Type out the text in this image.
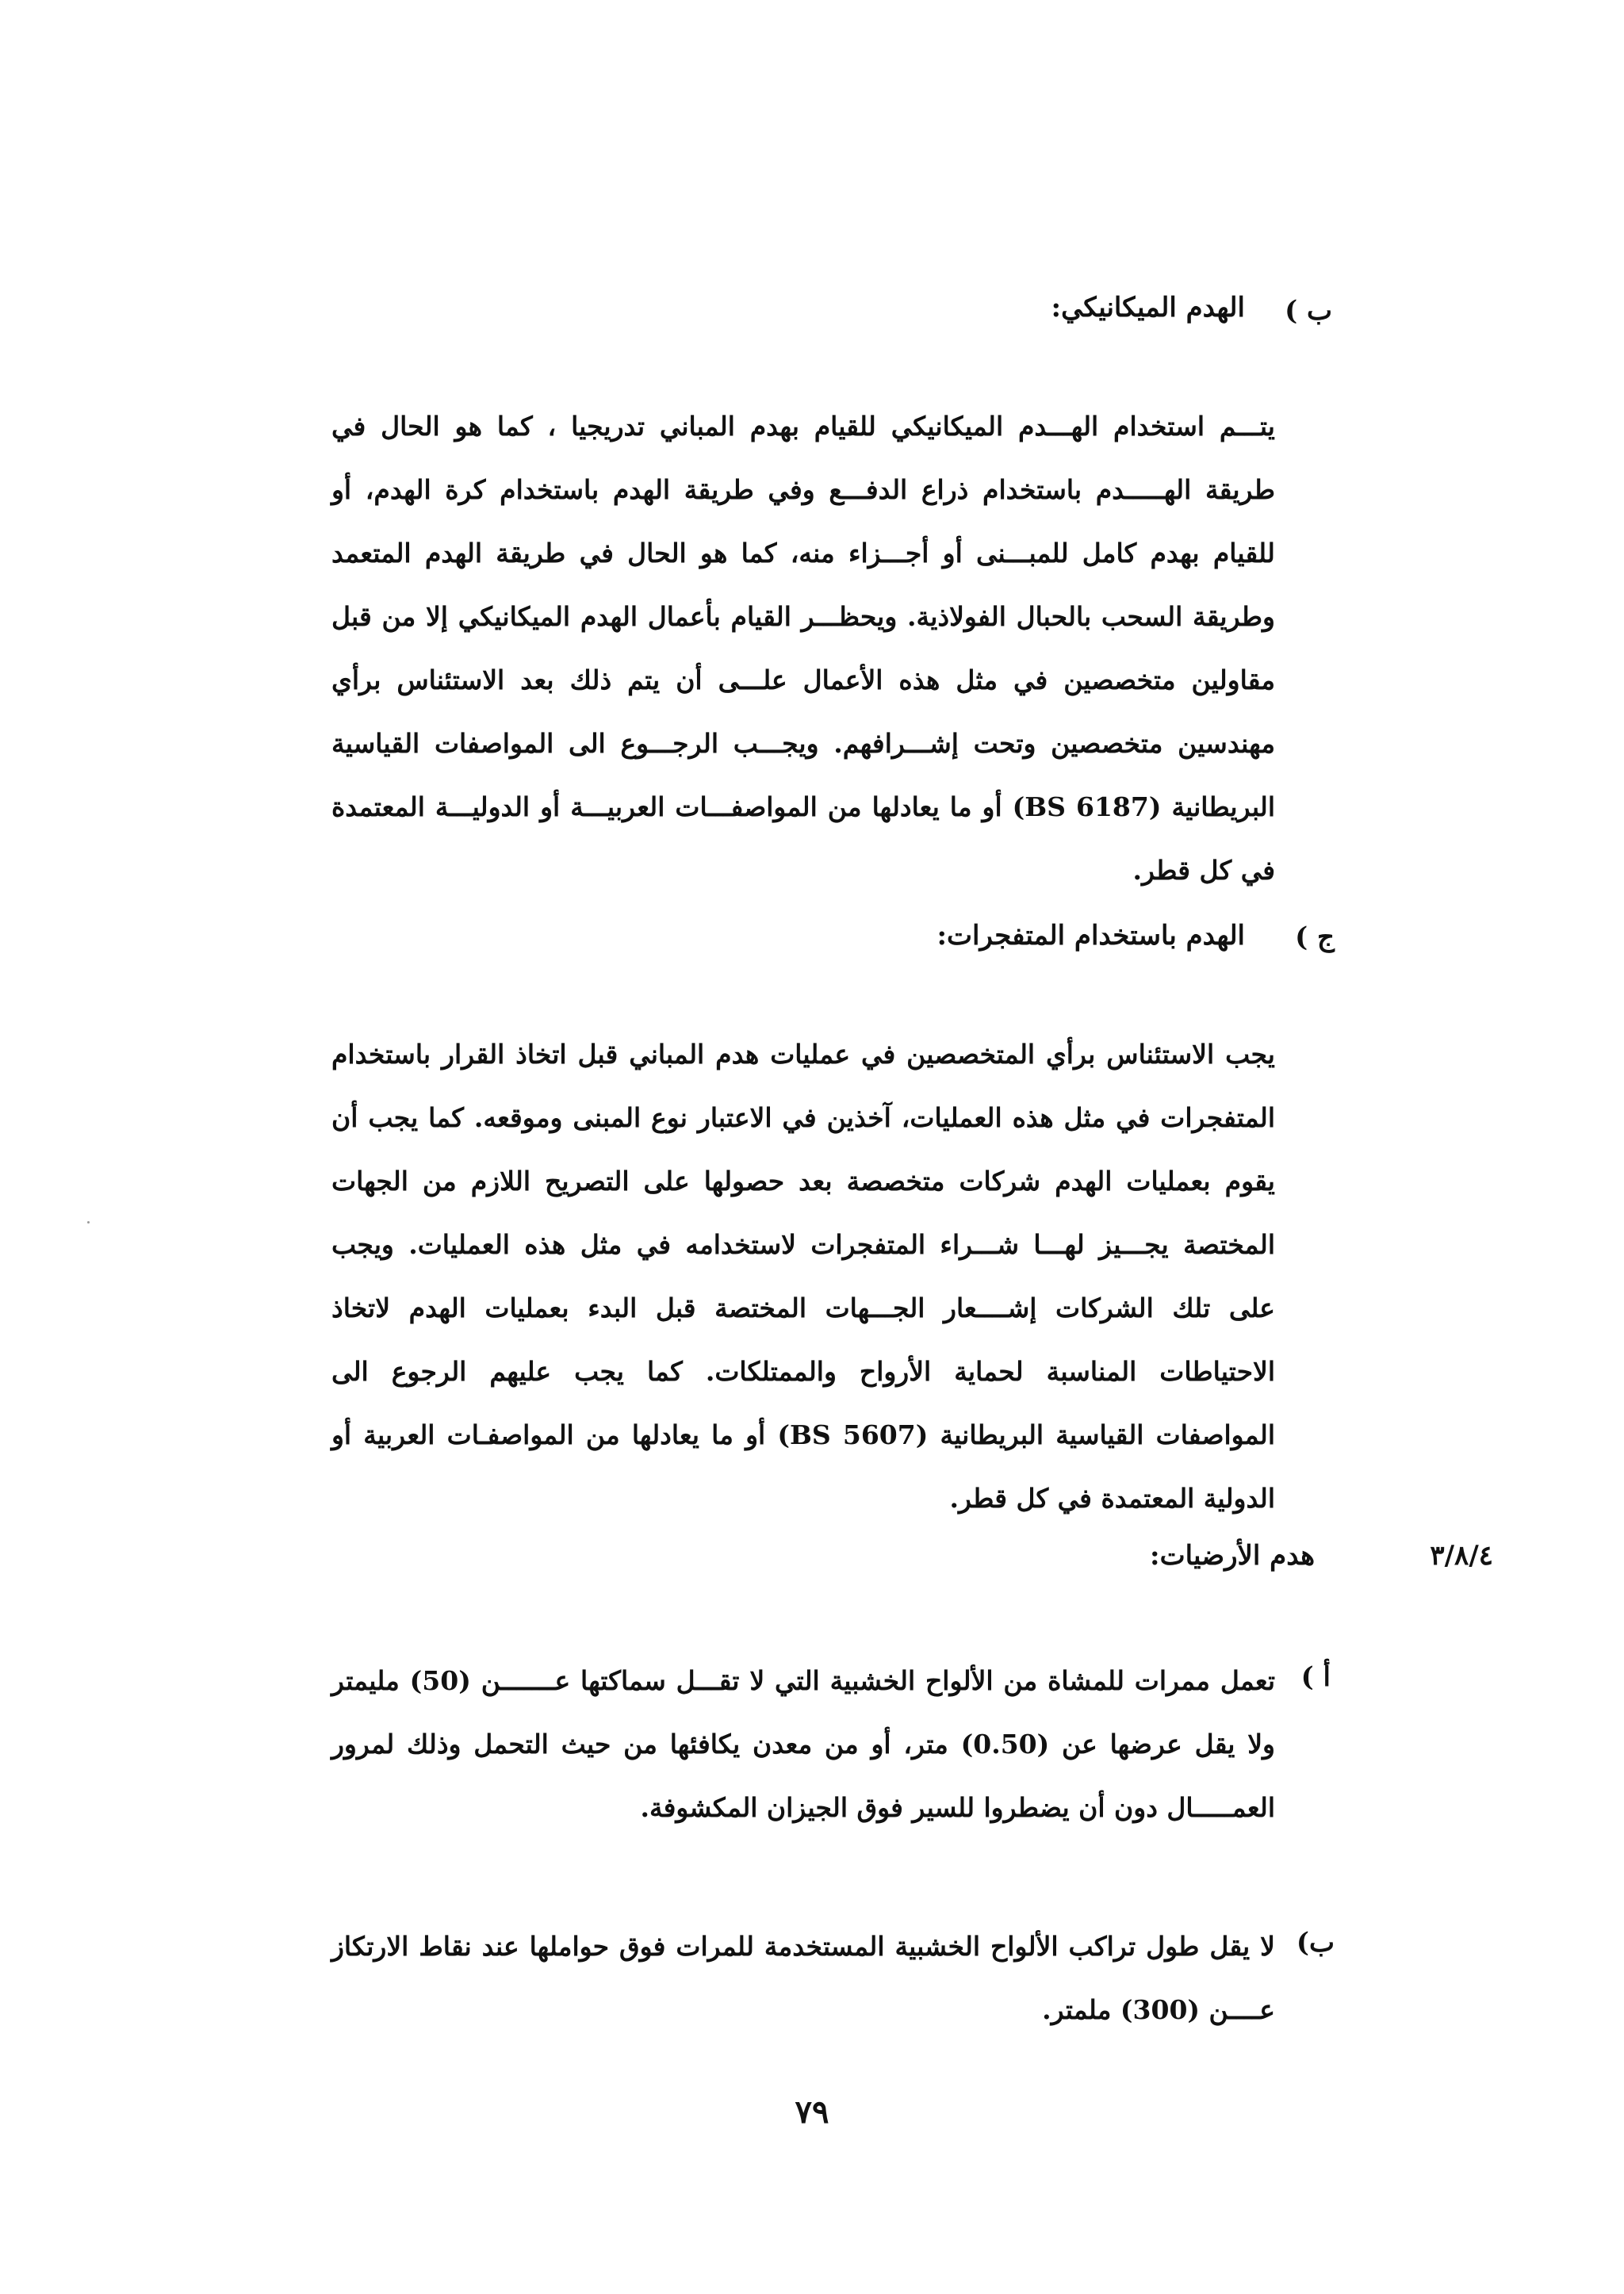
ب )
الهدم الميكانيكي:

يتـــم استخدام الهـــدم الميكانيكي للقيام بهدم المباني تدريجيا ، كما هو الحال في طريقة الهـــــدم باستخدام ذراع الدفـــع وفي طريقة الهدم باستخدام كرة الهدم، أو للقيام بهدم كامل للمبـــنى أو أجـــزاء منه، كما هو الحال في طريقة الهدم المتعمد وطريقة السحب بالحبال الفولاذية. ويحظـــر القيام بأعمال الهدم الميكانيكي إلا من قبل مقاولين متخصصين في مثل هذه الأعمال علـــى أن يتم ذلك بعد الاستئناس برأي مهندسين متخصصين وتحت إشـــرافهم. ويجـــب الرجـــوع الى المواصفات القياسية البريطانية (BS 6187) أو ما يعادلها من المواصفـــات العربيـــة أو الدوليـــة المعتمدة في كل قطر.

ج )
الهدم باستخدام المتفجرات:

يجب الاستئناس برأي المتخصصين في عمليات هدم المباني قبل اتخاذ القرار باستخدام المتفجرات في مثل هذه العمليات، آخذين في الاعتبار نوع المبنى وموقعه. كما يجب أن يقوم بعمليات الهدم شركات متخصصة بعد حصولها على التصريح اللازم من الجهات المختصة يجـــيز لهـــا شـــراء المتفجرات لاستخدامه في مثل هذه العمليات. ويجب على تلك الشركات إشــــعار الجـــهات المختصة قبل البدء بعمليات الهدم لاتخاذ الاحتياطات المناسبة لحماية الأرواح والممتلكات. كما يجب عليهم الرجوع الى المواصفات القياسية البريطانية (BS 5607) أو ما يعادلها من المواصفـات العربية أو الدولية المعتمدة في كل قطر.

٣/٨/٤
هدم الأرضيات:
أ )

تعمل ممرات للمشاة من الألواح الخشبية التي لا تقـــل سماكتها عـــــــن (50) مليمتر ولا يقل عرضها عن (0.50) متر، أو من معدن يكافئها من حيث التحمل وذلك لمرور العمـــــال دون أن يضطروا للسير فوق الجيزان المكشوفة.

ب)

لا يقل طول تراكب الألواح الخشبية المستخدمة للمرات فوق حواملها عند نقاط الارتكاز عــــن (300) ملمتر.

٧٩
